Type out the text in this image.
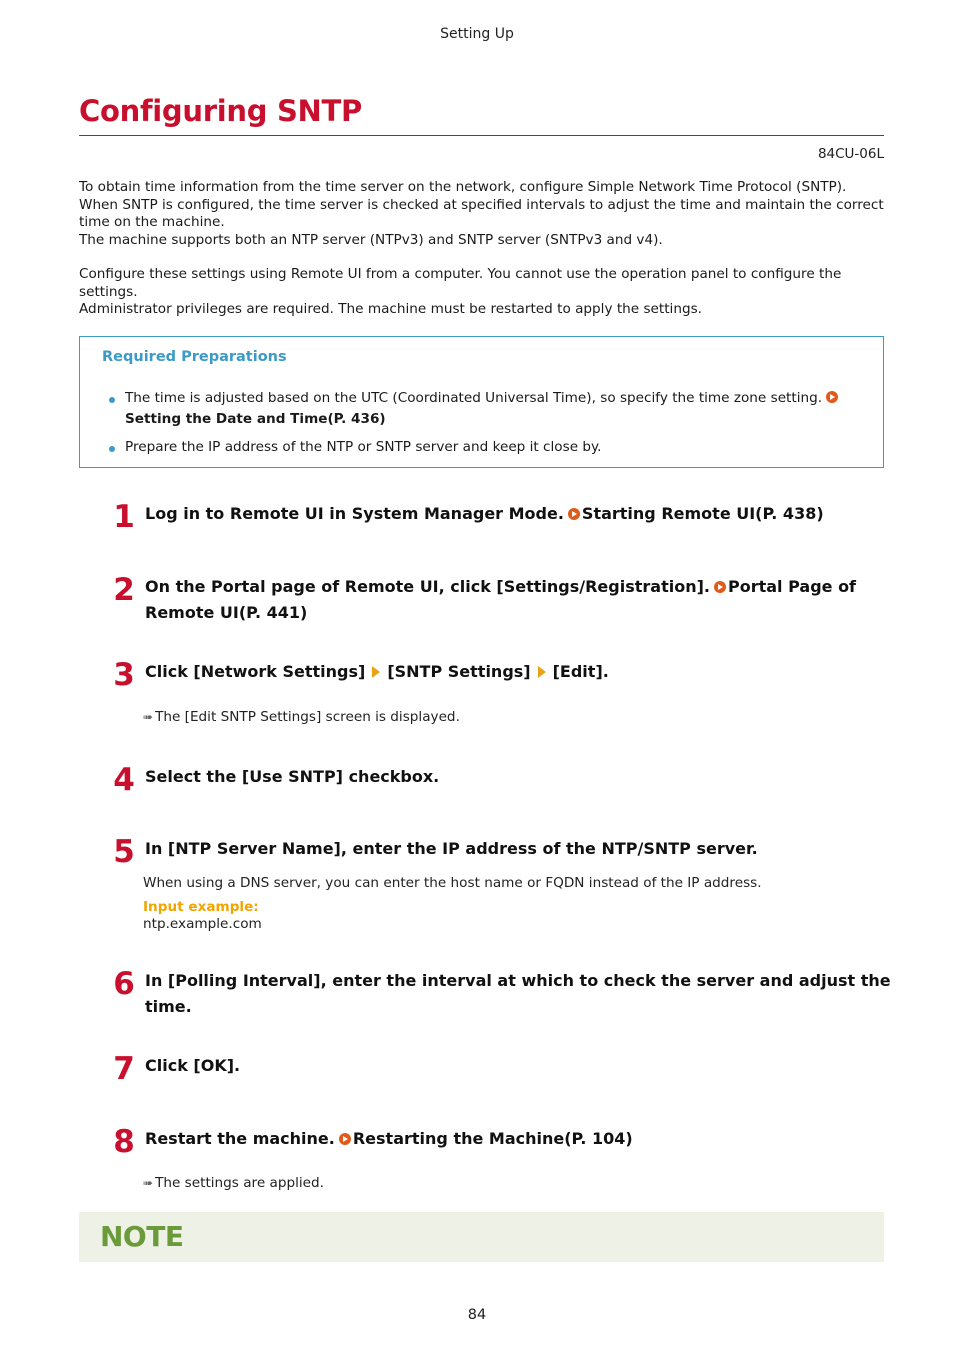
Setting Up
Configuring SNTP
84CU-06L
To obtain time information from the time server on the network, configure Simple Network Time Protocol (SNTP).
When SNTP is configured, the time server is checked at specified intervals to adjust the time and maintain the correct
time on the machine.
The machine supports both an NTP server (NTPv3) and SNTP server (SNTPv3 and v4).
Configure these settings using Remote UI from a computer. You cannot use the operation panel to configure the
settings.
Administrator privileges are required. The machine must be restarted to apply the settings.
Required Preparations
The time is adjusted based on the UTC (Coordinated Universal Time), so specify the time zone setting.
Setting the Date and Time(P. 436)
Prepare the IP address of the NTP or SNTP server and keep it close by.
1 Log in to Remote UI in System Manager Mode. Starting Remote UI(P. 438)
2 On the Portal page of Remote UI, click [Settings/Registration]. Portal Page of
Remote UI(P. 441)
3 Click [Network Settings] [SNTP Settings] [Edit].
➠ The [Edit SNTP Settings] screen is displayed.
4 Select the [Use SNTP] checkbox.
5 In [NTP Server Name], enter the IP address of the NTP/SNTP server.
When using a DNS server, you can enter the host name or FQDN instead of the IP address.
Input example:
ntp.example.com
6 In [Polling Interval], enter the interval at which to check the server and adjust the
time.
7 Click [OK].
8 Restart the machine. Restarting the Machine(P. 104)
➠ The settings are applied.
NOTE
84
